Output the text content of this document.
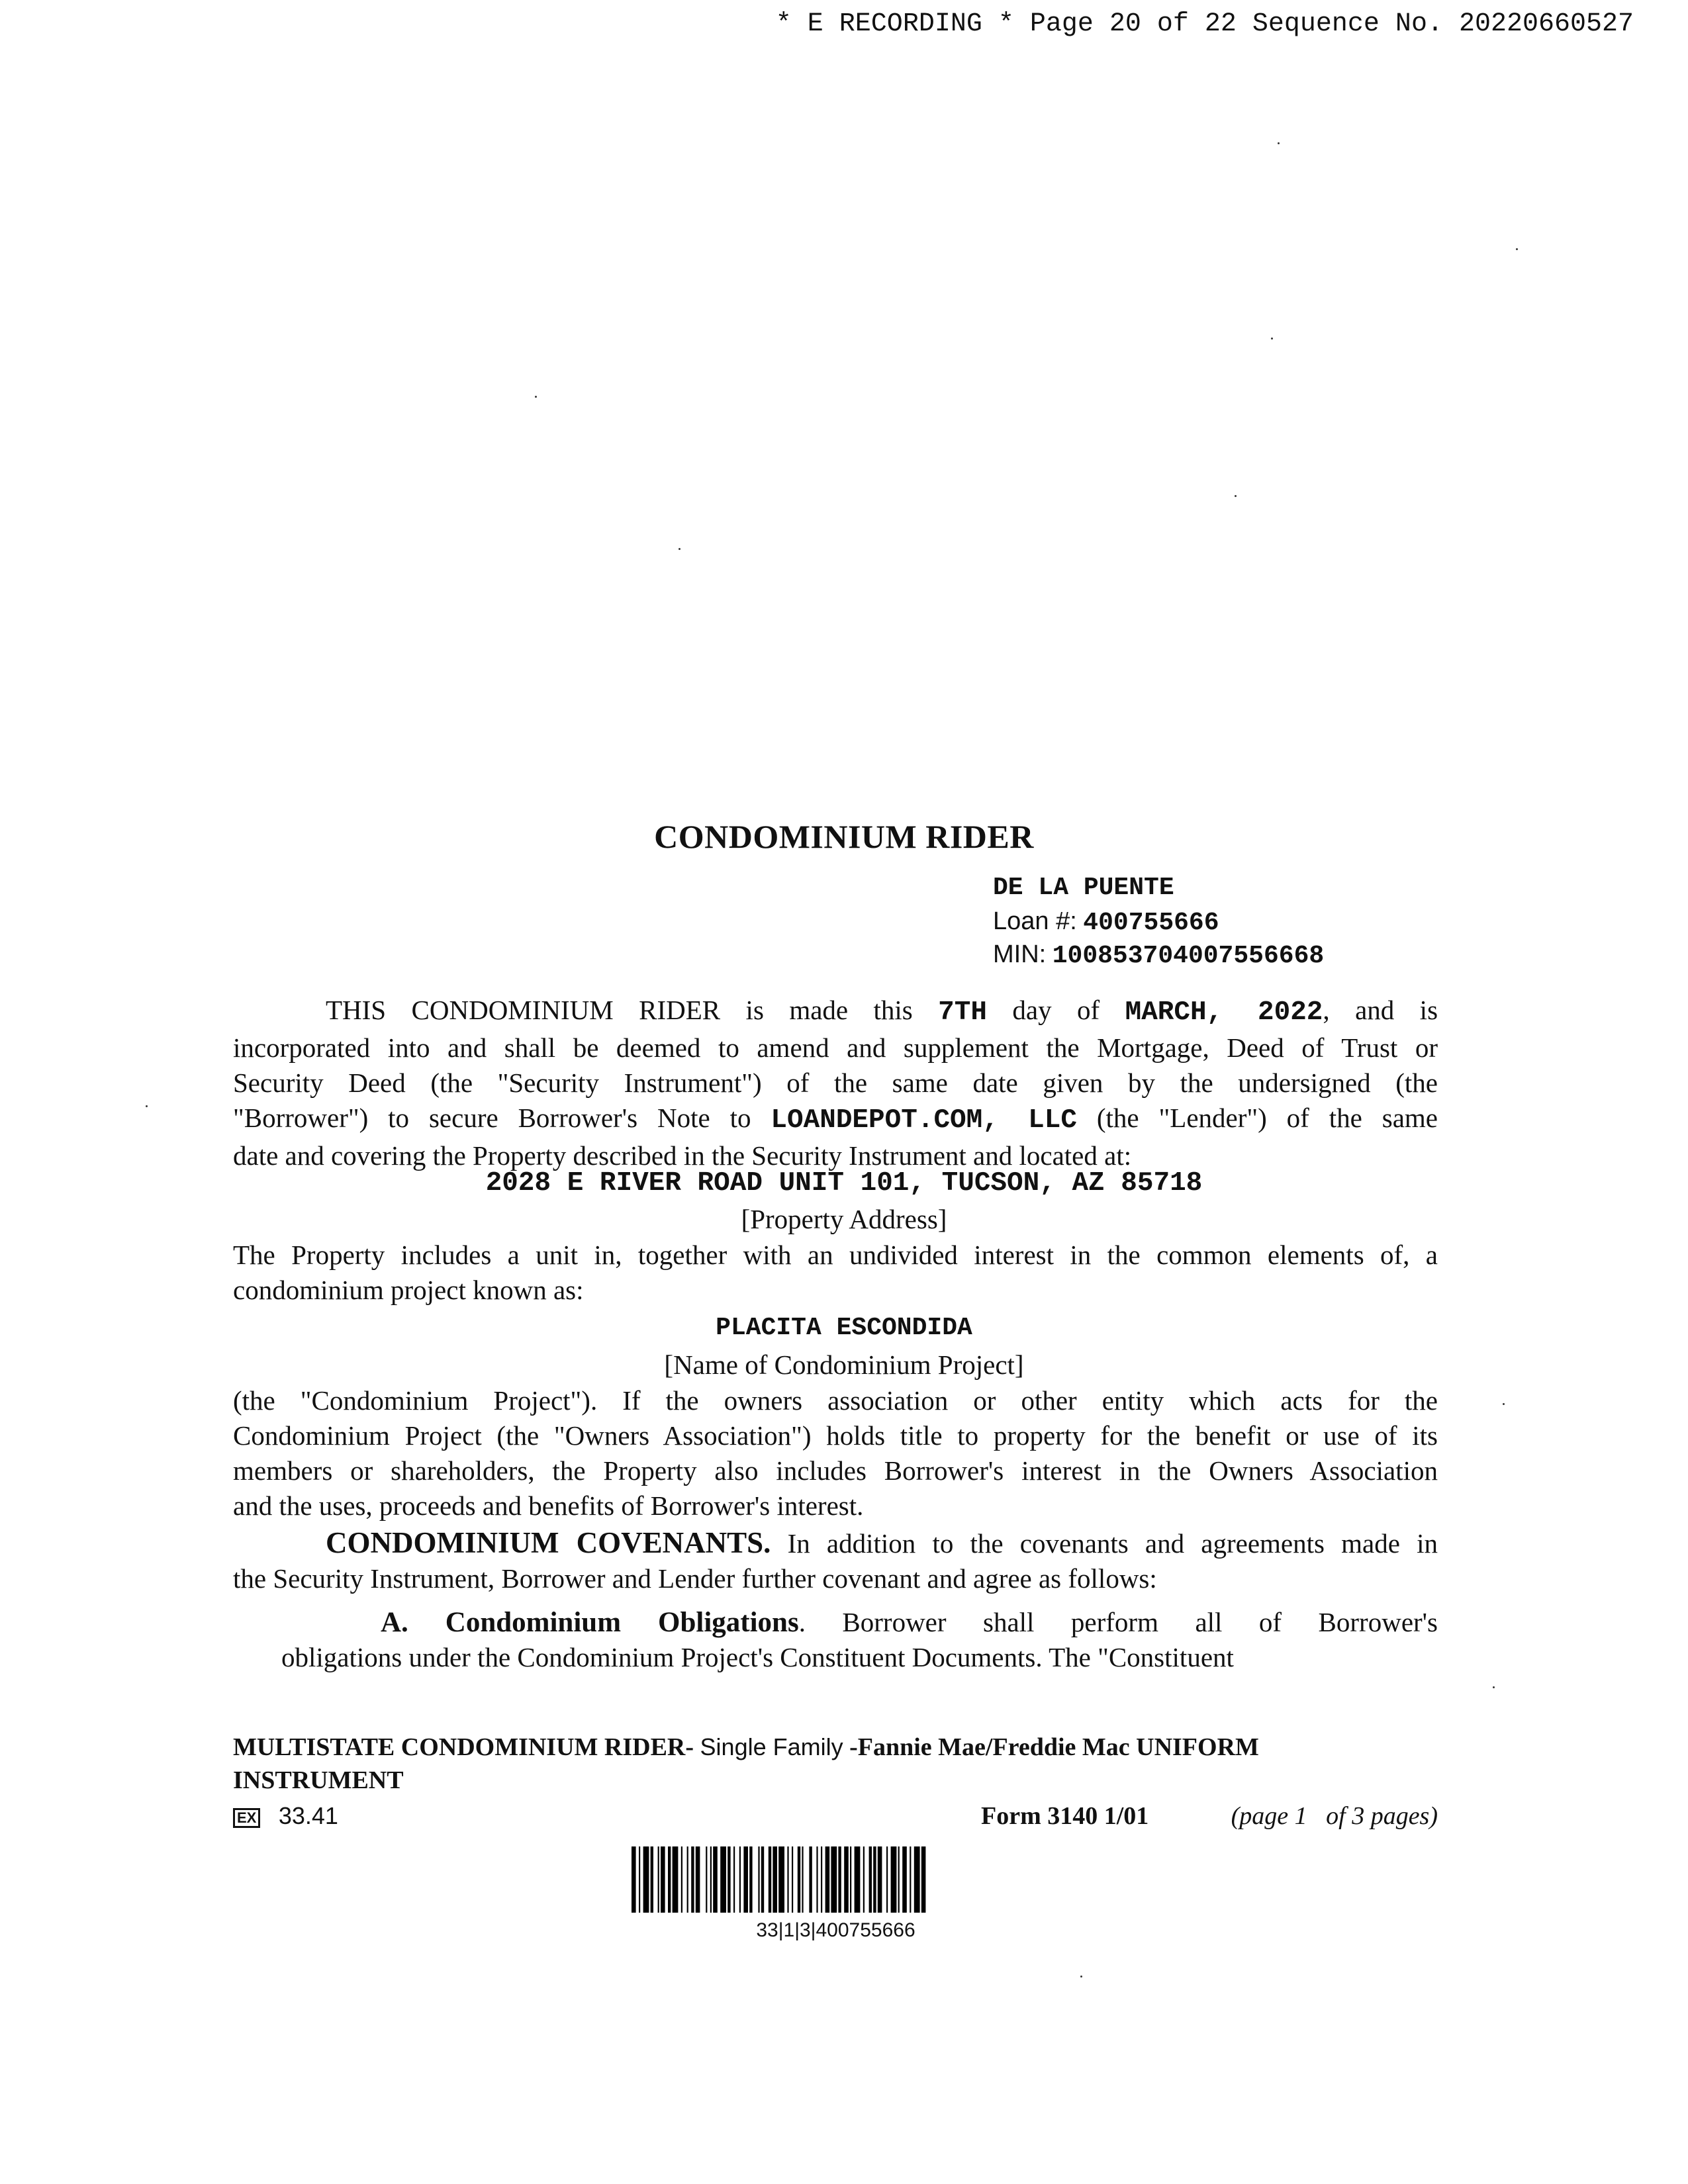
* E RECORDING * Page 20 of 22 Sequence No. 20220660527
CONDOMINIUM RIDER
DE LA PUENTE
Loan #: 400755666
MIN: 100853704007556668
THIS CONDOMINIUM RIDER is made this 7TH day of MARCH, 2022, and is
incorporated into and shall be deemed to amend and supplement the Mortgage, Deed of Trust or
Security Deed (the "Security Instrument") of the same date given by the undersigned (the
"Borrower") to secure Borrower's Note to LOANDEPOT.COM, LLC (the "Lender") of the same
date and covering the Property described in the Security Instrument and located at:
2028 E RIVER ROAD UNIT 101, TUCSON, AZ 85718
[Property Address]
The Property includes a unit in, together with an undivided interest in the common elements of, a
condominium project known as:
PLACITA ESCONDIDA
[Name of Condominium Project]
(the "Condominium Project"). If the owners association or other entity which acts for the
Condominium Project (the "Owners Association") holds title to property for the benefit or use of its
members or shareholders, the Property also includes Borrower's interest in the Owners Association
and the uses, proceeds and benefits of Borrower's interest.
CONDOMINIUM COVENANTS. In addition to the covenants and agreements made in
the Security Instrument, Borrower and Lender further covenant and agree as follows:
A. Condominium Obligations. Borrower shall perform all of Borrower's
obligations under the Condominium Project's Constituent Documents. The "Constituent
MULTISTATE CONDOMINIUM RIDER- Single Family -Fannie Mae/Freddie Mac UNIFORM
INSTRUMENT
EX 33.41	Form 3140 1/01	(page 1   of 3 pages)
33|1|3|400755666
